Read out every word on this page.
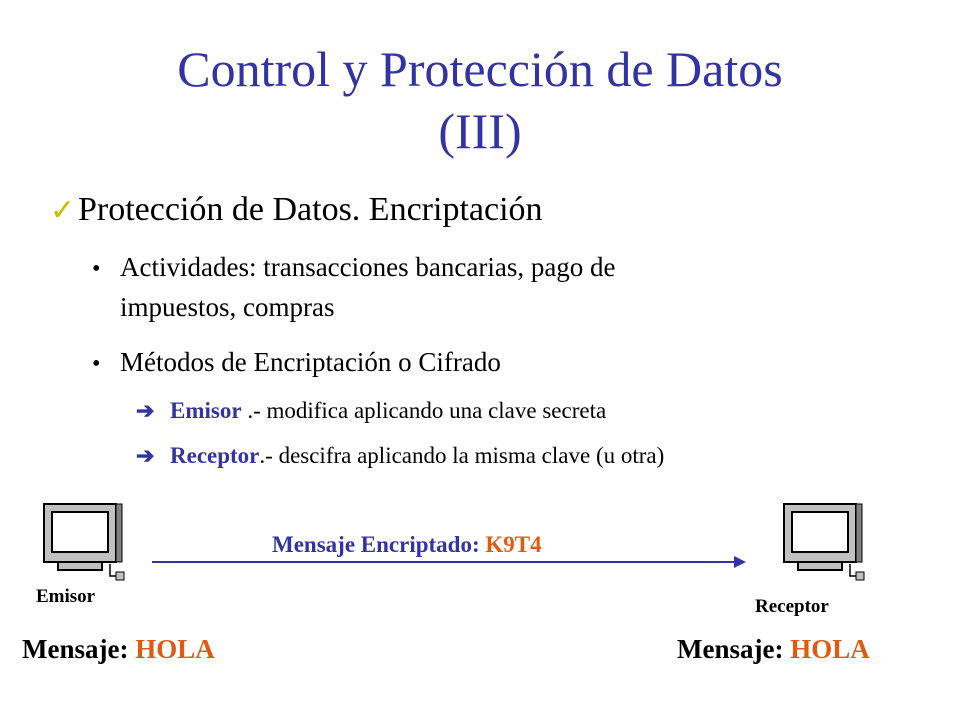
Control y Protección de Datos
(III)
✓Protección de Datos. Encriptación
• Actividades: transacciones bancarias, pago de
impuestos, compras
• Métodos de Encriptación o Cifrado
➔ Emisor .- modifica aplicando una clave secreta
➔ Receptor.- descifra aplicando la misma clave (u otra)
Mensaje Encriptado: K9T4
Emisor	Receptor
Mensaje: HOLA	Mensaje: HOLA
